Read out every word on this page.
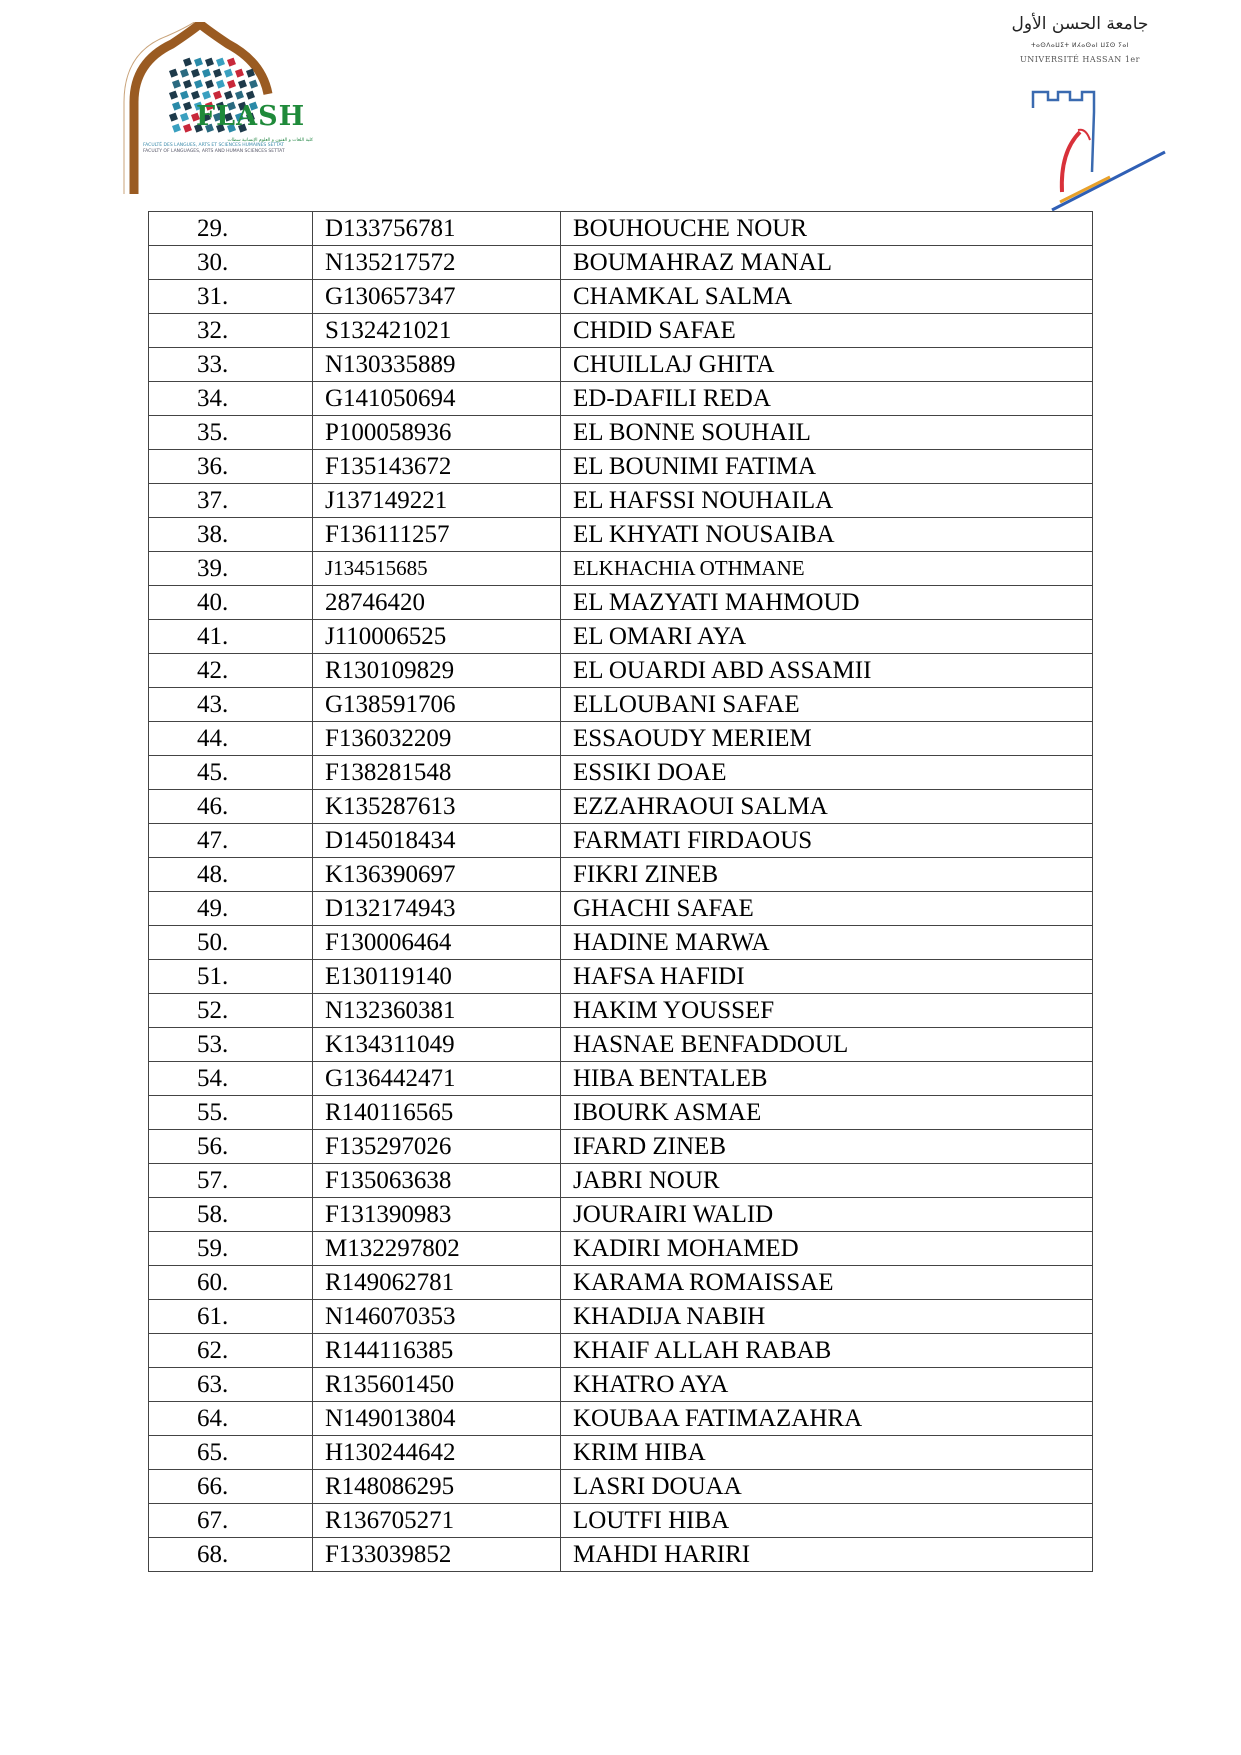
FLASH
كلية اللغات و الفنون و العلوم الإنسانية سطات
FACULTÉ DES LANGUES, ARTS ET SCIENCES HUMAINES SETTAT
FACULTY OF LANGUAGES, ARTS AND HUMAN SCIENCES SETTAT
جامعة الحسن الأول
ⵜⴰⵙⴷⴰⵡⵉⵜ ⵍⵃⴰⵙⴰⵏ ⵡⵉⵙ ⵢⴰⵏ
UNIVERSITÉ HASSAN 1er
29.	D133756781	BOUHOUCHE NOUR
30.	N135217572	BOUMAHRAZ MANAL
31.	G130657347	CHAMKAL SALMA
32.	S132421021	CHDID SAFAE
33.	N130335889	CHUILLAJ GHITA
34.	G141050694	ED-DAFILI REDA
35.	P100058936	EL BONNE SOUHAIL
36.	F135143672	EL BOUNIMI FATIMA
37.	J137149221	EL HAFSSI NOUHAILA
38.	F136111257	EL KHYATI NOUSAIBA
39.	J134515685	ELKHACHIA OTHMANE
40.	28746420	EL MAZYATI MAHMOUD
41.	J110006525	EL OMARI AYA
42.	R130109829	EL OUARDI ABD ASSAMII
43.	G138591706	ELLOUBANI SAFAE
44.	F136032209	ESSAOUDY MERIEM
45.	F138281548	ESSIKI DOAE
46.	K135287613	EZZAHRAOUI SALMA
47.	D145018434	FARMATI FIRDAOUS
48.	K136390697	FIKRI ZINEB
49.	D132174943	GHACHI SAFAE
50.	F130006464	HADINE MARWA
51.	E130119140	HAFSA HAFIDI
52.	N132360381	HAKIM YOUSSEF
53.	K134311049	HASNAE BENFADDOUL
54.	G136442471	HIBA BENTALEB
55.	R140116565	IBOURK ASMAE
56.	F135297026	IFARD ZINEB
57.	F135063638	JABRI NOUR
58.	F131390983	JOURAIRI WALID
59.	M132297802	KADIRI MOHAMED
60.	R149062781	KARAMA ROMAISSAE
61.	N146070353	KHADIJA NABIH
62.	R144116385	KHAIF ALLAH RABAB
63.	R135601450	KHATRO AYA
64.	N149013804	KOUBAA FATIMAZAHRA
65.	H130244642	KRIM HIBA
66.	R148086295	LASRI DOUAA
67.	R136705271	LOUTFI HIBA
68.	F133039852	MAHDI HARIRI
